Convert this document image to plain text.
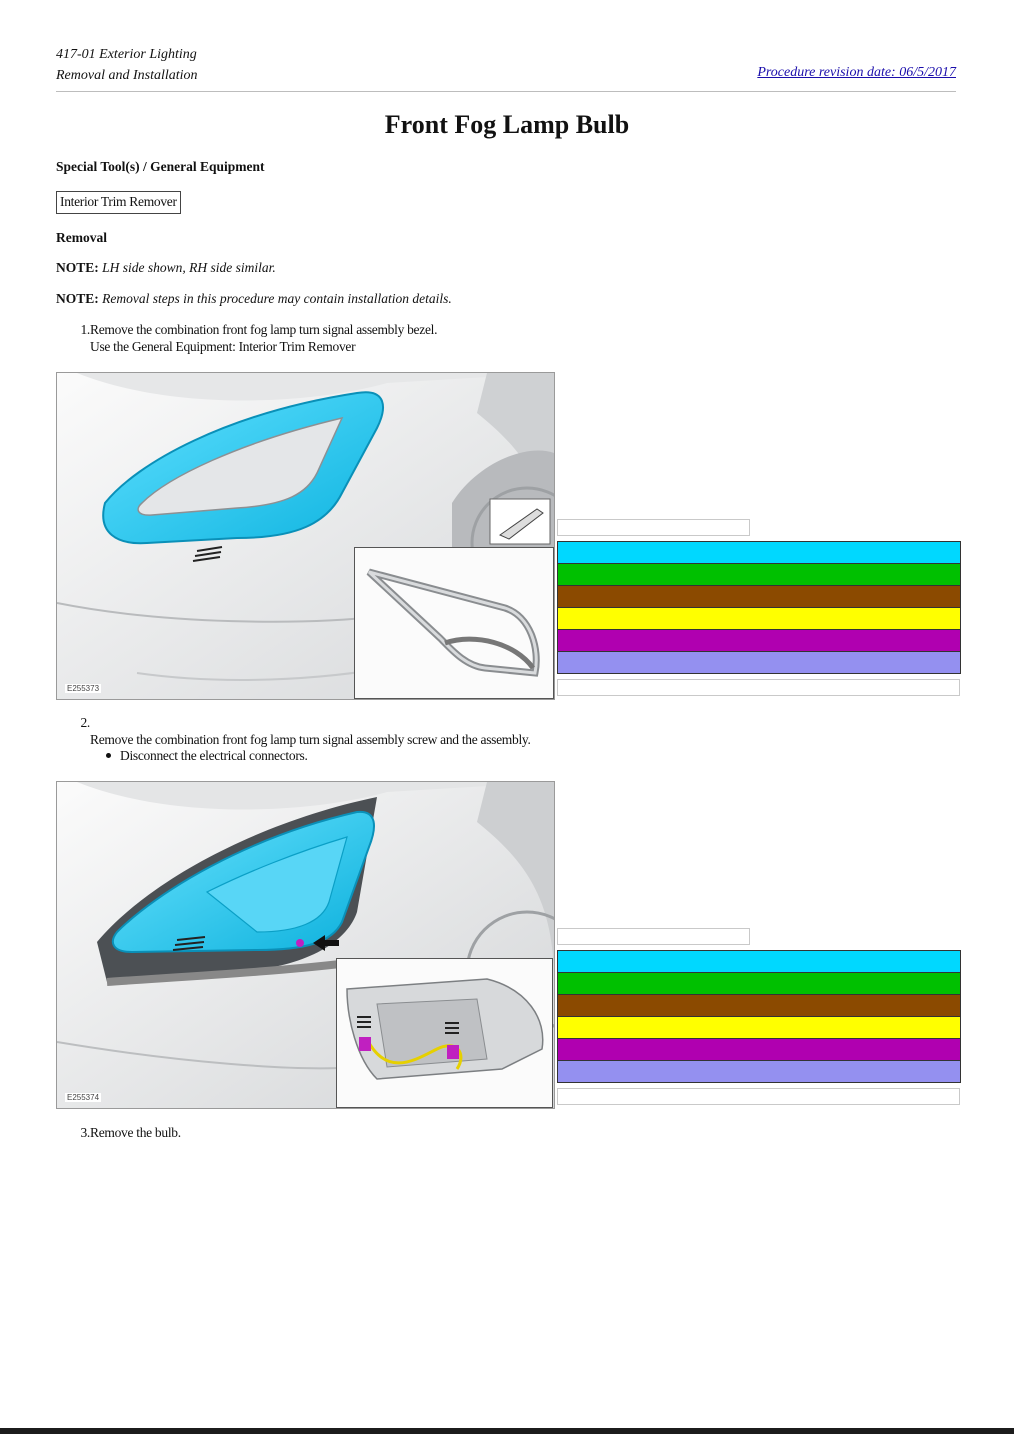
417-01 Exterior Lighting
Removal and Installation	Procedure revision date: 06/5/2017
Front Fog Lamp Bulb
Special Tool(s) / General Equipment
Interior Trim Remover
Removal
NOTE: LH side shown, RH side similar.
NOTE: Removal steps in this procedure may contain installation details.
1. Remove the combination front fog lamp turn signal assembly bezel.
Use the General Equipment: Interior Trim Remover
E255373
2.
Remove the combination front fog lamp turn signal assembly screw and the assembly.
Disconnect the electrical connectors.
E255374
3. Remove the bulb.
